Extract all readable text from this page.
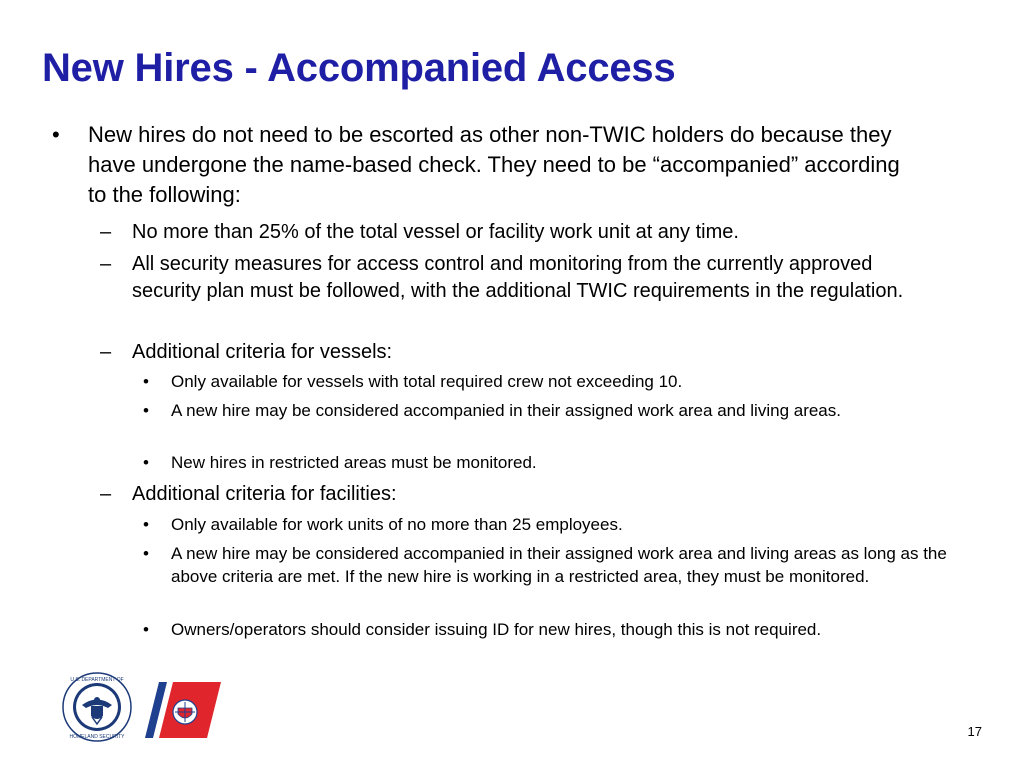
New Hires - Accompanied Access
• New hires do not need to be escorted as other non-TWIC holders do because they have undergone the name-based check. They need to be “accompanied” according to the following:
– No more than 25% of the total vessel or facility work unit at any time.
– All security measures for access control and monitoring from the currently approved security plan must be followed, with the additional TWIC requirements in the regulation.
– Additional criteria for vessels:
• Only available for vessels with total required crew not exceeding 10.
• A new hire may be considered accompanied in their assigned work area and living areas.
• New hires in restricted areas must be monitored.
– Additional criteria for facilities:
• Only available for work units of no more than 25 employees.
• A new hire may be considered accompanied in their assigned work area and living areas as long as the above criteria are met. If the new hire is working in a restricted area, they must be monitored.
• Owners/operators should consider issuing ID for new hires, though this is not required.
U.S. DEPARTMENT OF
HOMELAND SECURITY	17
